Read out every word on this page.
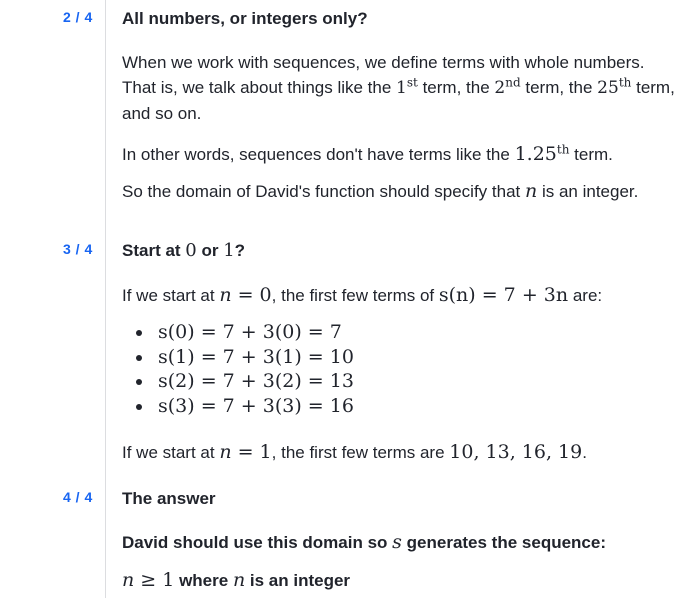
2 / 4	All numbers, or integers only?
When we work with sequences, we define terms with whole numbers. That is, we talk about things like the 1st term, the 2nd term, the 25th term, and so on.
In other words, sequences don't have terms like the 1.25th term.
So the domain of David's function should specify that n is an integer.
3 / 4	Start at 0 or 1?
If we start at n = 0, the first few terms of s(n) = 7 + 3n are:
s(0) = 7 + 3(0) = 7
s(1) = 7 + 3(1) = 10
s(2) = 7 + 3(2) = 13
s(3) = 7 + 3(3) = 16
If we start at n = 1, the first few terms are 10, 13, 16, 19.
4 / 4	The answer
David should use this domain so s generates the sequence:
n ≥ 1 where n is an integer
